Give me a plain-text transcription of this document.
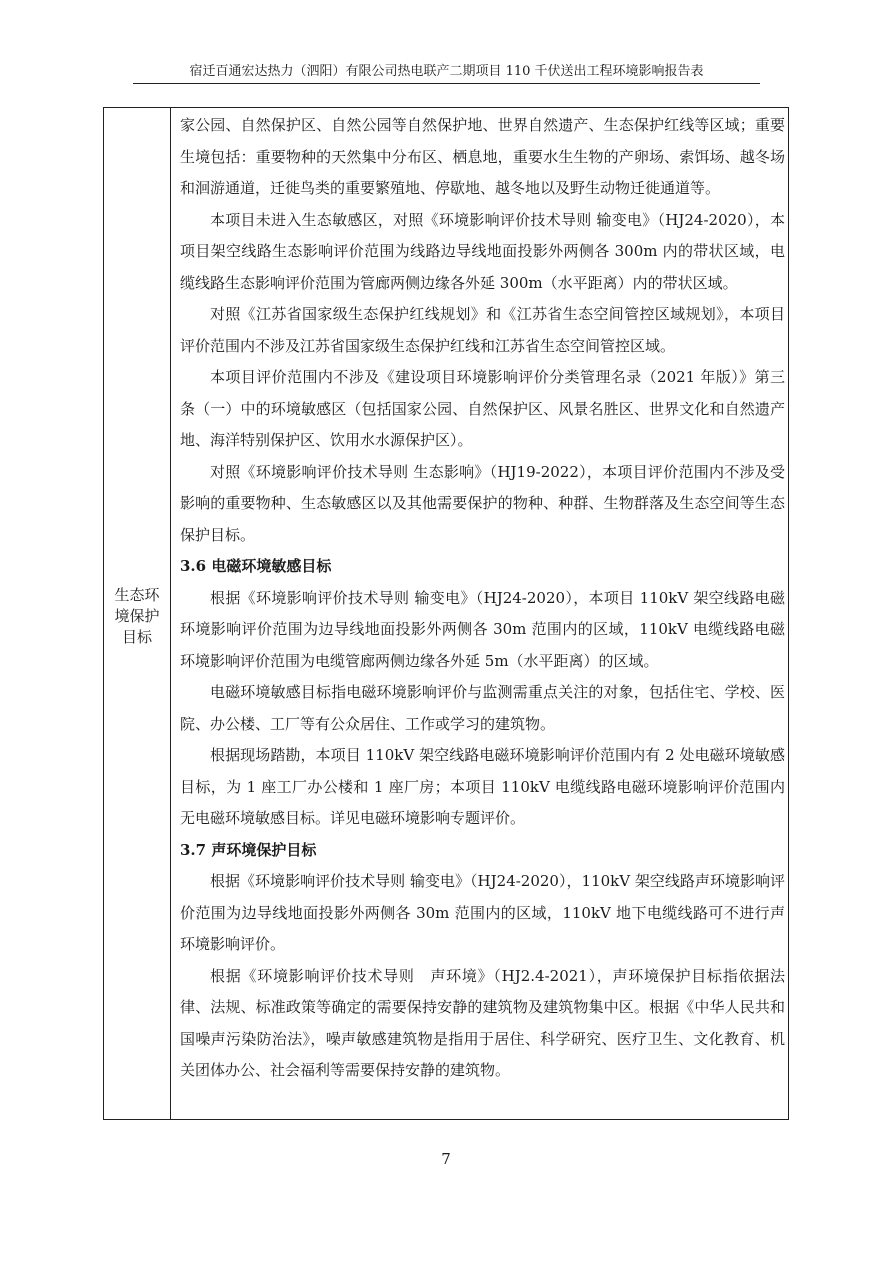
宿迁百通宏达热力（泗阳）有限公司热电联产二期项目 110 千伏送出工程环境影响报告表
生态环
境保护
目标

家公园、自然保护区、自然公园等自然保护地、世界自然遗产、生态保护红线等区域；重要生境包括：重要物种的天然集中分布区、栖息地，重要水生生物的产卵场、索饵场、越冬场和洄游通道，迁徙鸟类的重要繁殖地、停歇地、越冬地以及野生动物迁徙通道等。

本项目未进入生态敏感区，对照《环境影响评价技术导则 输变电》（HJ24-2020），本项目架空线路生态影响评价范围为线路边导线地面投影外两侧各 300m 内的带状区域，电缆线路生态影响评价范围为管廊两侧边缘各外延 300m（水平距离）内的带状区域。

对照《江苏省国家级生态保护红线规划》和《江苏省生态空间管控区域规划》，本项目评价范围内不涉及江苏省国家级生态保护红线和江苏省生态空间管控区域。

本项目评价范围内不涉及《建设项目环境影响评价分类管理名录（2021 年版）》第三条（一）中的环境敏感区（包括国家公园、自然保护区、风景名胜区、世界文化和自然遗产地、海洋特别保护区、饮用水水源保护区）。

对照《环境影响评价技术导则 生态影响》（HJ19-2022），本项目评价范围内不涉及受影响的重要物种、生态敏感区以及其他需要保护的物种、种群、生物群落及生态空间等生态保护目标。

3.6 电磁环境敏感目标

根据《环境影响评价技术导则 输变电》（HJ24-2020），本项目 110kV 架空线路电磁环境影响评价范围为边导线地面投影外两侧各 30m 范围内的区域，110kV 电缆线路电磁环境影响评价范围为电缆管廊两侧边缘各外延 5m（水平距离）的区域。

电磁环境敏感目标指电磁环境影响评价与监测需重点关注的对象，包括住宅、学校、医院、办公楼、工厂等有公众居住、工作或学习的建筑物。

根据现场踏勘，本项目 110kV 架空线路电磁环境影响评价范围内有 2 处电磁环境敏感目标，为 1 座工厂办公楼和 1 座厂房；本项目 110kV 电缆线路电磁环境影响评价范围内无电磁环境敏感目标。详见电磁环境影响专题评价。

3.7 声环境保护目标

根据《环境影响评价技术导则 输变电》（HJ24-2020），110kV 架空线路声环境影响评价范围为边导线地面投影外两侧各 30m 范围内的区域，110kV 地下电缆线路可不进行声环境影响评价。

根据《环境影响评价技术导则　声环境》（HJ2.4-2021），声环境保护目标指依据法律、法规、标准政策等确定的需要保持安静的建筑物及建筑物集中区。根据《中华人民共和国噪声污染防治法》，噪声敏感建筑物是指用于居住、科学研究、医疗卫生、文化教育、机关团体办公、社会福利等需要保持安静的建筑物。

7
